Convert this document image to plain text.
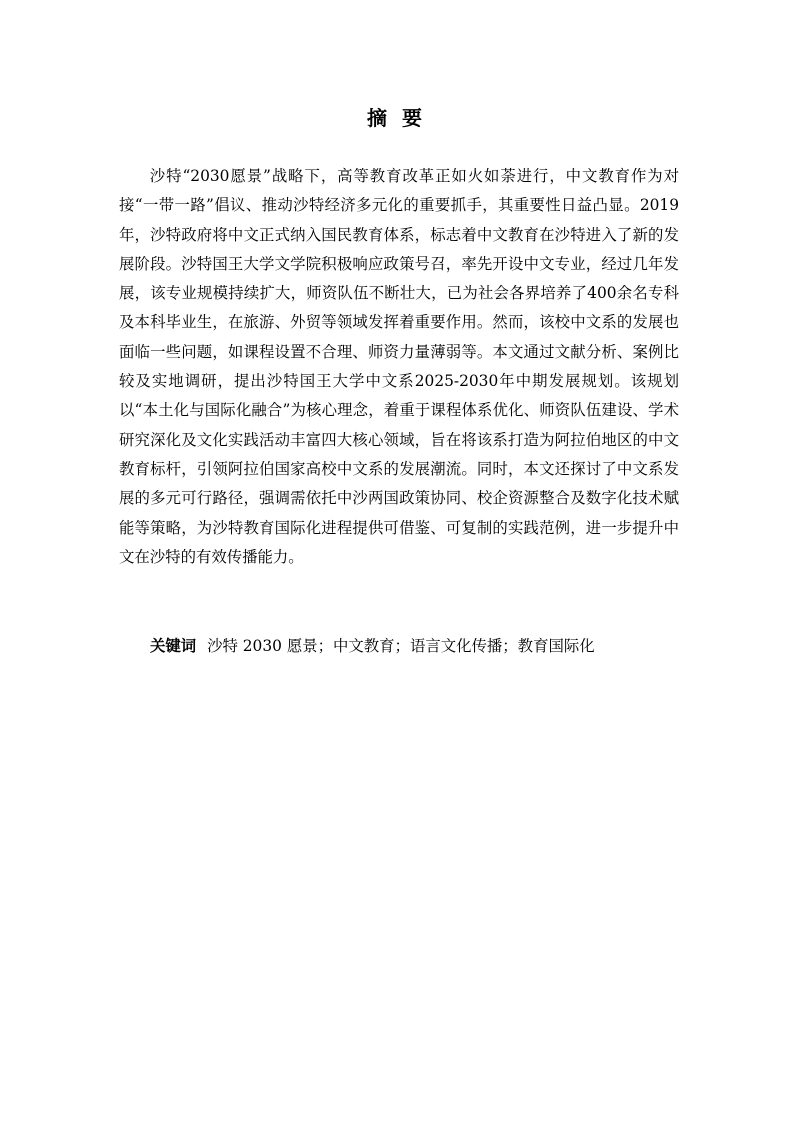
摘 要

沙特“2030愿景”战略下，高等教育改革正如火如荼进行，中文教育作为对接“一带一路”倡议、推动沙特经济多元化的重要抓手，其重要性日益凸显。2019年，沙特政府将中文正式纳入国民教育体系，标志着中文教育在沙特进入了新的发展阶段。沙特国王大学文学院积极响应政策号召，率先开设中文专业，经过几年发展，该专业规模持续扩大，师资队伍不断壮大，已为社会各界培养了400余名专科及本科毕业生，在旅游、外贸等领域发挥着重要作用。然而，该校中文系的发展也面临一些问题，如课程设置不合理、师资力量薄弱等。本文通过文献分析、案例比较及实地调研，提出沙特国王大学中文系2025-2030年中期发展规划。该规划以“本土化与国际化融合”为核心理念，着重于课程体系优化、师资队伍建设、学术研究深化及文化实践活动丰富四大核心领域，旨在将该系打造为阿拉伯地区的中文教育标杆，引领阿拉伯国家高校中文系的发展潮流。同时，本文还探讨了中文系发展的多元可行路径，强调需依托中沙两国政策协同、校企资源整合及数字化技术赋能等策略，为沙特教育国际化进程提供可借鉴、可复制的实践范例，进一步提升中文在沙特的有效传播能力。

关键词 沙特 2030 愿景；中文教育；语言文化传播；教育国际化
